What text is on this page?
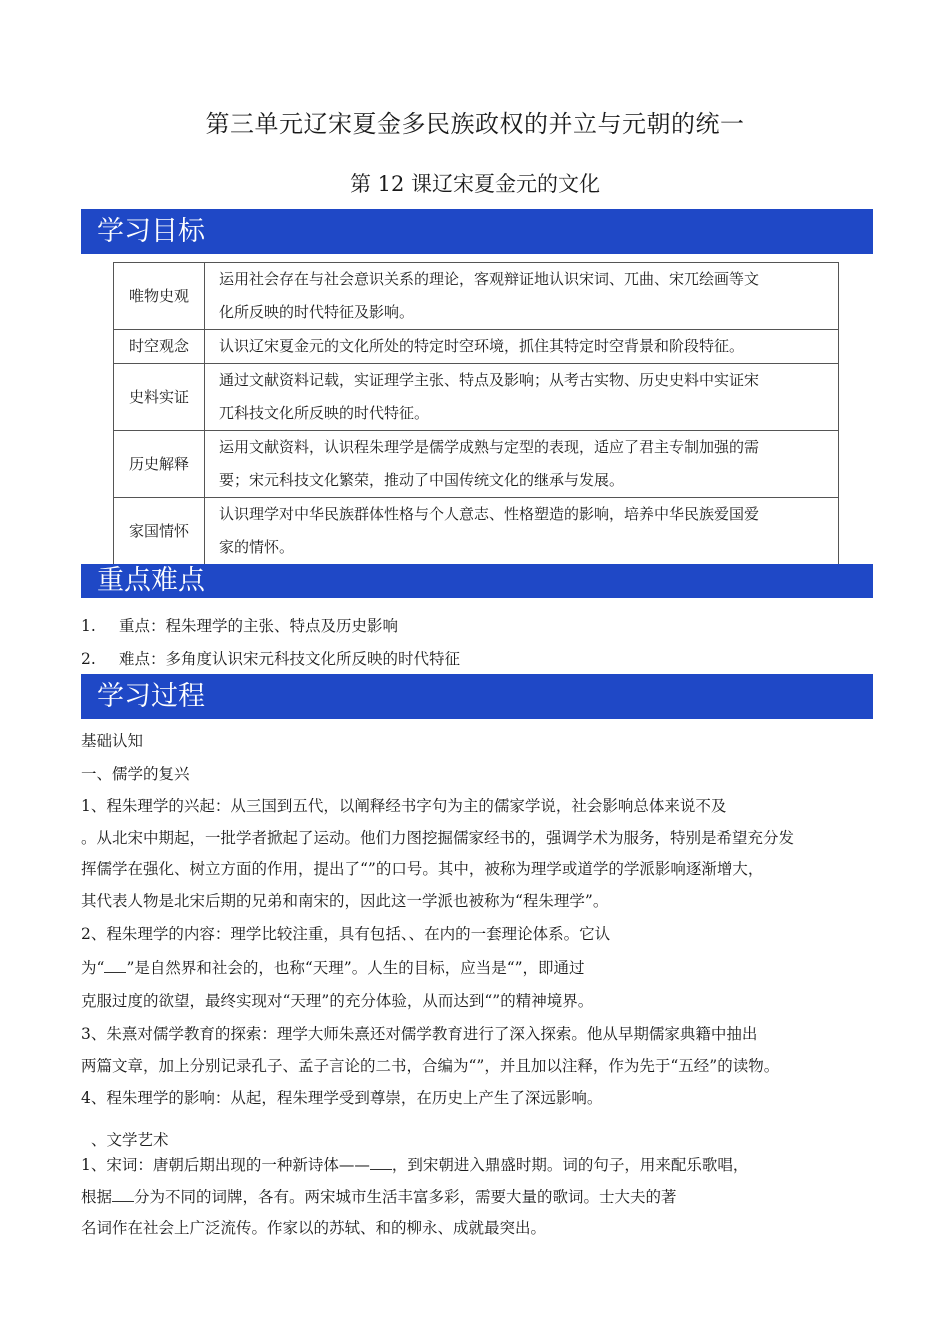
第三单元辽宋夏金多民族政权的并立与元朝的统一
第 12 课辽宋夏金元的文化
学习目标
唯物史观	运用社会存在与社会意识关系的理论，客观辩证地认识宋词、兀曲、宋兀绘画等文
化所反映的时代特征及影响。
时空观念	认识辽宋夏金元的文化所处的特定时空环境，抓住其特定时空背景和阶段特征。
史料实证	通过文献资料记载，实证理学主张、特点及影响；从考古实物、历史史料中实证宋
兀科技文化所反映的时代特征。
历史解释	运用文献资料，认识程朱理学是儒学成熟与定型的表现，适应了君主专制加强的需
要；宋元科技文化繁荣，推动了中国传统文化的继承与发展。
家国情怀	认识理学对中华民族群体性格与个人意志、性格塑造的影响，培养中华民族爱国爱
家的情怀。
重点难点
1. 重点：程朱理学的主张、特点及历史影响
2. 难点：多角度认识宋元科技文化所反映的时代特征
学习过程
基础认知
一、儒学的复兴
1、程朱理学的兴起：从三国到五代，以阐释经书字句为主的儒家学说，社会影响总体来说不及
。从北宋中期起，一批学者掀起了运动。他们力图挖掘儒家经书的，强调学术为服务，特别是希望充分发
挥儒学在强化、树立方面的作用，提出了“”的口号。其中，被称为理学或道学的学派影响逐渐增大，
其代表人物是北宋后期的兄弟和南宋的，因此这一学派也被称为“程朱理学”。
2、程朱理学的内容：理学比较注重，具有包括、、在内的一套理论体系。它认
为“ ”是自然界和社会的，也称“天理”。人生的目标，应当是“”，即通过
克服过度的欲望，最终实现对“天理”的充分体验，从而达到“”的精神境界。
3、朱熹对儒学教育的探索：理学大师朱熹还对儒学教育进行了深入探索。他从早期儒家典籍中抽出
两篇文章，加上分别记录孔子、孟子言论的二书，合编为“”，并且加以注释，作为先于“五经”的读物。
4、程朱理学的影响：从起，程朱理学受到尊崇，在历史上产生了深远影响。
、文学艺术
1、宋词：唐朝后期出现的一种新诗体—— ，到宋朝进入鼎盛时期。词的句子，用来配乐歌唱，
根据 分为不同的词牌，各有。两宋城市生活丰富多彩，需要大量的歌词。士大夫的著
名词作在社会上广泛流传。作家以的苏轼、和的柳永、成就最突出。
